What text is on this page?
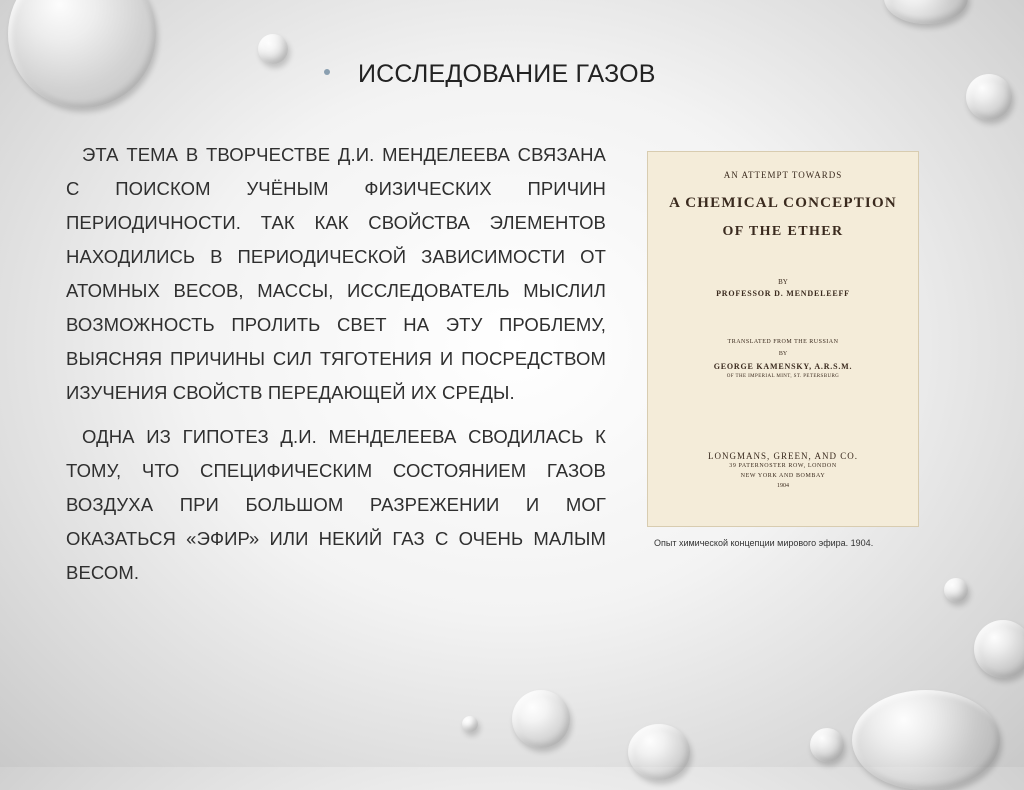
ИССЛЕДОВАНИЕ ГАЗОВ

ЭТА ТЕМА В ТВОРЧЕСТВЕ Д.И. МЕНДЕЛЕЕВА СВЯЗАНА С ПОИСКОМ УЧЁНЫМ ФИЗИЧЕСКИХ ПРИЧИН ПЕРИОДИЧНОСТИ. ТАК КАК СВОЙСТВА ЭЛЕМЕНТОВ НАХОДИЛИСЬ В ПЕРИОДИЧЕСКОЙ ЗАВИСИМОСТИ ОТ АТОМНЫХ ВЕСОВ, МАССЫ, ИССЛЕДОВАТЕЛЬ МЫСЛИЛ ВОЗМОЖНОСТЬ ПРОЛИТЬ СВЕТ НА ЭТУ ПРОБЛЕМУ, ВЫЯСНЯЯ ПРИЧИНЫ СИЛ ТЯГОТЕНИЯ И ПОСРЕДСТВОМ ИЗУЧЕНИЯ СВОЙСТВ ПЕРЕДАЮЩЕЙ ИХ СРЕДЫ.

ОДНА ИЗ ГИПОТЕЗ Д.И. МЕНДЕЛЕЕВА СВОДИЛАСЬ К ТОМУ, ЧТО СПЕЦИФИЧЕСКИМ СОСТОЯНИЕМ ГАЗОВ ВОЗДУХА ПРИ БОЛЬШОМ РАЗРЕЖЕНИИ И МОГ ОКАЗАТЬСЯ «ЭФИР» ИЛИ НЕКИЙ ГАЗ С ОЧЕНЬ МАЛЫМ ВЕСОМ.

AN ATTEMPT TOWARDS
A CHEMICAL CONCEPTION
OF THE ETHER
BY
PROFESSOR D. MENDELEEFF
TRANSLATED FROM THE RUSSIAN
BY
GEORGE KAMENSKY, A.R.S.M.
OF THE IMPERIAL MINT, ST. PETERSBURG
LONGMANS, GREEN, AND CO.
39 PATERNOSTER ROW, LONDON
NEW YORK AND BOMBAY
1904
Опыт химической концепции мирового эфира. 1904.
